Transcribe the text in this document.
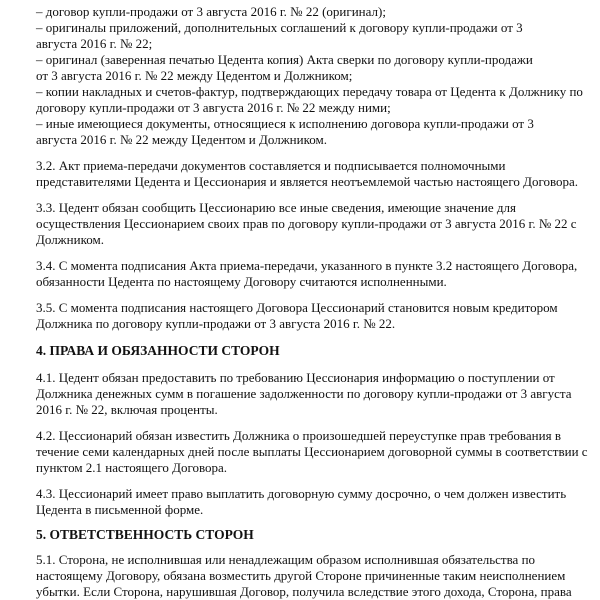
– договор купли-продажи от 3 августа 2016 г. № 22 (оригинал);

– оригиналы приложений, дополнительных соглашений к договору купли-продажи от 3

августа 2016 г. № 22;

– оригинал (заверенная печатью Цедента копия) Акта сверки по договору купли-продажи

от 3 августа 2016 г. № 22 между Цедентом и Должником;

– копии накладных и счетов-фактур, подтверждающих передачу товара от Цедента к Должнику по

договору купли-продажи от 3 августа 2016 г. № 22 между ними;

– иные имеющиеся документы, относящиеся к исполнению договора купли-продажи от 3

августа 2016 г. № 22 между Цедентом и Должником.

3.2. Акт приема-передачи документов составляется и подписывается полномочными

представителями Цедента и Цессионария и является неотъемлемой частью настоящего Договора.

3.3. Цедент обязан сообщить Цессионарию все иные сведения, имеющие значение для

осуществления Цессионарием своих прав по договору купли-продажи от 3 августа 2016 г. № 22 с

Должником.

3.4. С момента подписания Акта приема-передачи, указанного в пункте 3.2 настоящего Договора,

обязанности Цедента по настоящему Договору считаются исполненными.

3.5. С момента подписания настоящего Договора Цессионарий становится новым кредитором

Должника по договору купли-продажи от 3 августа 2016 г. № 22.

4. ПРАВА И ОБЯЗАННОСТИ СТОРОН

4.1. Цедент обязан предоставить по требованию Цессионария информацию о поступлении от

Должника денежных сумм в погашение задолженности по договору купли-продажи от 3 августа

2016 г. № 22, включая проценты.

4.2. Цессионарий обязан известить Должника о произошедшей переуступке прав требования в

течение семи календарных дней после выплаты Цессионарием договорной суммы в соответствии с

пунктом 2.1 настоящего Договора.

4.3. Цессионарий имеет право выплатить договорную сумму досрочно, о чем должен известить

Цедента в письменной форме.

5. ОТВЕТСТВЕННОСТЬ СТОРОН

5.1. Сторона, не исполнившая или ненадлежащим образом исполнившая обязательства по

настоящему Договору, обязана возместить другой Стороне причиненные таким неисполнением

убытки. Если Сторона, нарушившая Договор, получила вследствие этого дохода, Сторона, права
